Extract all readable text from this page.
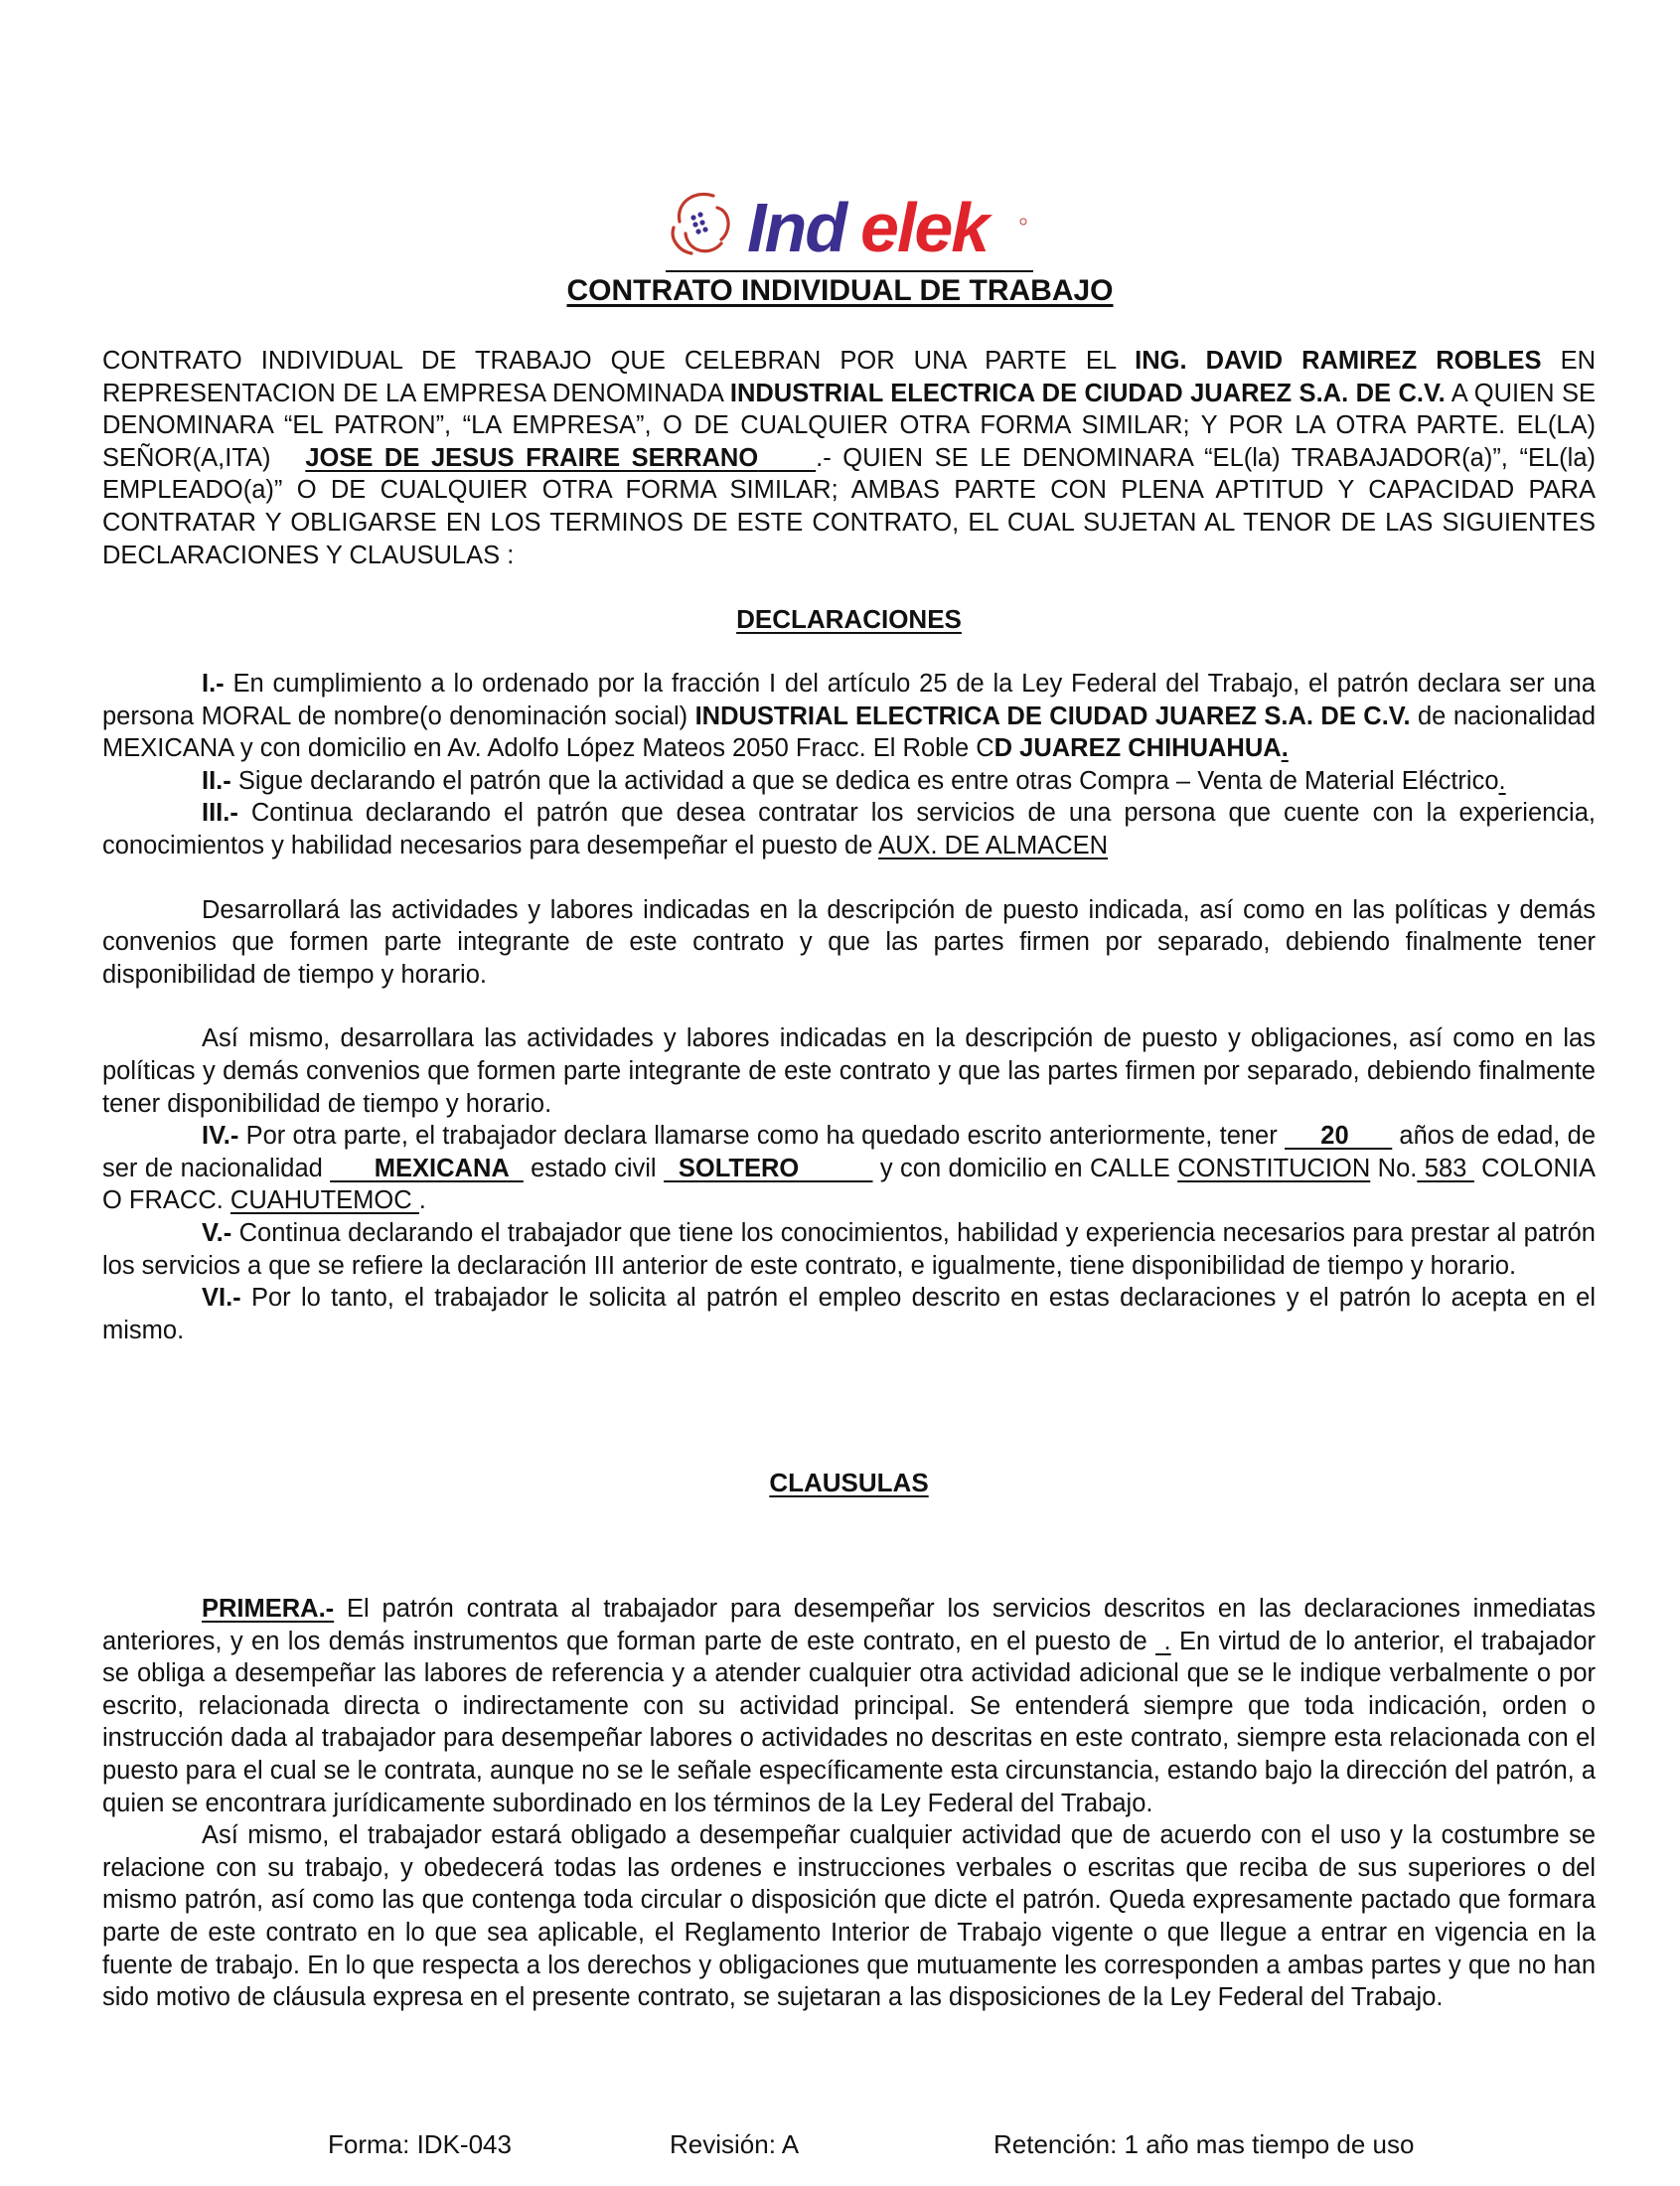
Ind elek
CONTRATO INDIVIDUAL DE TRABAJO

CONTRATO INDIVIDUAL DE TRABAJO QUE CELEBRAN POR UNA PARTE EL ING. DAVID RAMIREZ ROBLES EN REPRESENTACION DE LA EMPRESA DENOMINADA INDUSTRIAL ELECTRICA DE CIUDAD JUAREZ S.A. DE C.V. A QUIEN SE DENOMINARA “EL PATRON”, “LA EMPRESA”, O DE CUALQUIER OTRA FORMA SIMILAR; Y POR LA OTRA PARTE. EL(LA) SEÑOR(A,ITA)   JOSE DE JESUS FRAIRE SERRANO .- QUIEN SE LE DENOMINARA “EL(la) TRABAJADOR(a)”, “EL(la) EMPLEADO(a)” O DE CUALQUIER OTRA FORMA SIMILAR; AMBAS PARTE CON PLENA APTITUD Y CAPACIDAD PARA CONTRATAR Y OBLIGARSE EN LOS TERMINOS DE ESTE CONTRATO, EL CUAL SUJETAN AL TENOR DE LAS SIGUIENTES DECLARACIONES Y CLAUSULAS :

DECLARACIONES

I.- En cumplimiento a lo ordenado por la fracción I del artículo 25 de la Ley Federal del Trabajo, el patrón declara ser una persona MORAL de nombre(o denominación social) INDUSTRIAL ELECTRICA DE CIUDAD JUAREZ S.A. DE C.V. de nacionalidad MEXICANA y con domicilio en Av. Adolfo López Mateos 2050 Fracc. El Roble CD JUAREZ CHIHUAHUA.

II.- Sigue declarando el patrón que la actividad a que se dedica es entre otras Compra – Venta de Material Eléctrico.

III.- Continua declarando el patrón que desea contratar los servicios de una persona que cuente con la experiencia, conocimientos y habilidad necesarios para desempeñar el puesto de AUX. DE ALMACEN

Desarrollará las actividades y labores indicadas en la descripción de puesto indicada, así como en las políticas y demás convenios que formen parte integrante de este contrato y que las partes firmen por separado, debiendo finalmente tener disponibilidad de tiempo y horario.

Así mismo, desarrollara las actividades y labores indicadas en la descripción de puesto y obligaciones, así como en las políticas y demás convenios que formen parte integrante de este contrato y que las partes firmen por separado, debiendo finalmente tener disponibilidad de tiempo y horario.

IV.- Por otra parte, el trabajador declara llamarse como ha quedado escrito anteriormente, tener      20       años de edad, de ser de nacionalidad       MEXICANA   estado civil   SOLTERO	y con domicilio en CALLE CONSTITUCION No. 583  COLONIA O FRACC. CUAHUTEMOC .

V.- Continua declarando el trabajador que tiene los conocimientos, habilidad y experiencia necesarios para prestar al patrón los servicios a que se refiere la declaración III anterior de este contrato, e igualmente, tiene disponibilidad de tiempo y horario.

VI.- Por lo tanto, el trabajador le solicita al patrón el empleo descrito en estas declaraciones y el patrón lo acepta en el mismo.

CLAUSULAS

PRIMERA.- El patrón contrata al trabajador para desempeñar los servicios descritos en las declaraciones inmediatas anteriores, y en los demás instrumentos que forman parte de este contrato, en el puesto de  . En virtud de lo anterior, el trabajador se obliga a desempeñar las labores de referencia y a atender cualquier otra actividad adicional que se le indique verbalmente o por escrito, relacionada directa o indirectamente con su actividad principal. Se entenderá siempre que toda indicación, orden o instrucción dada al trabajador para desempeñar labores o actividades no descritas en este contrato, siempre esta relacionada con el puesto para el cual se le contrata, aunque no se le señale específicamente esta circunstancia, estando bajo la dirección del patrón, a quien se encontrara jurídicamente subordinado en los términos de la Ley Federal del Trabajo.

Así mismo, el trabajador estará obligado a desempeñar cualquier actividad que de acuerdo con el uso y la costumbre se relacione con su trabajo, y obedecerá todas las ordenes e instrucciones verbales o escritas que reciba de sus superiores o del mismo patrón, así como las que contenga toda circular o disposición que dicte el patrón. Queda expresamente pactado que formara parte de este contrato en lo que sea aplicable, el Reglamento Interior de Trabajo vigente o que llegue a entrar en vigencia en la fuente de trabajo. En lo que respecta a los derechos y obligaciones que mutuamente les corresponden a ambas partes y que no han sido motivo de cláusula expresa en el presente contrato, se sujetaran a las disposiciones de la Ley Federal del Trabajo.

Forma: IDK-043	Revisión: A	Retención: 1 año mas tiempo de uso
